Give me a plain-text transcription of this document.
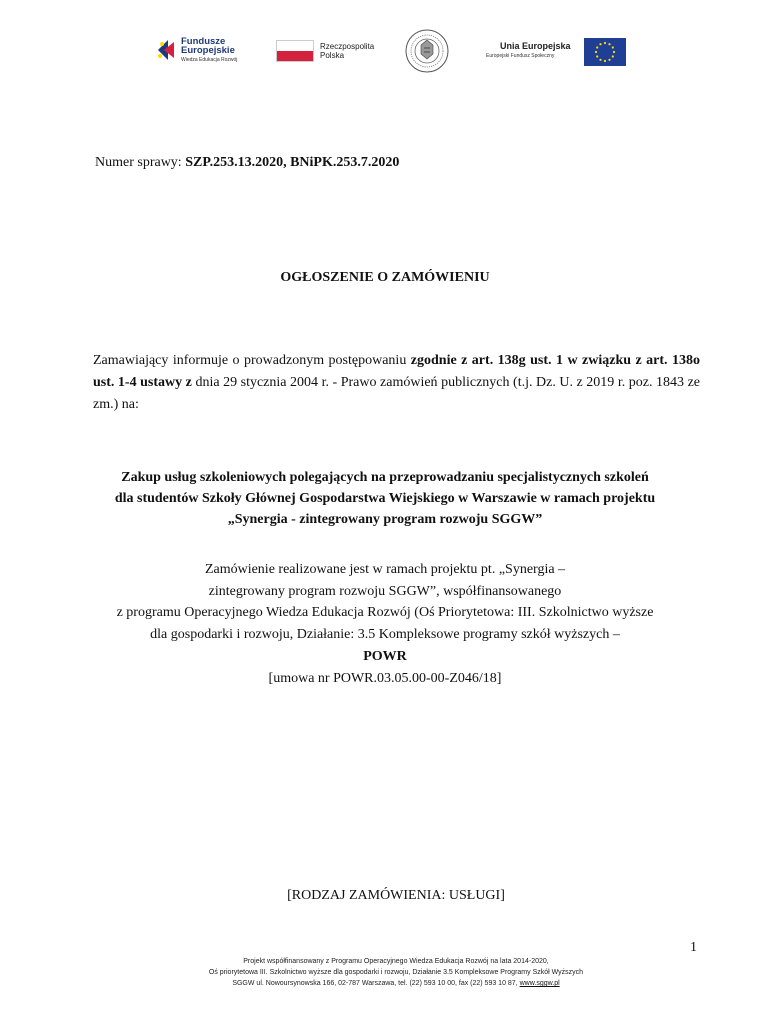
Fundusze
Europejskie
Wiedza Edukacja Rozwój
Rzeczpospolita
Polska
Unia Europejska
Europejski Fundusz Społeczny
Numer sprawy: SZP.253.13.2020, BNiPK.253.7.2020
OGŁOSZENIE O ZAMÓWIENIU
Zamawiający informuje o prowadzonym postępowaniu zgodnie z art. 138g ust. 1 w związku z art. 138o ust. 1-4 ustawy z dnia 29 stycznia 2004 r. - Prawo zamówień publicznych (t.j. Dz. U. z 2019 r. poz. 1843 ze zm.) na:
Zakup usług szkoleniowych polegających na przeprowadzaniu specjalistycznych szkoleń
dla studentów Szkoły Głównej Gospodarstwa Wiejskiego w Warszawie w ramach projektu
„Synergia - zintegrowany program rozwoju SGGW”
Zamówienie realizowane jest w ramach projektu pt. „Synergia –
zintegrowany program rozwoju SGGW”, współfinansowanego
z programu Operacyjnego Wiedza Edukacja Rozwój (Oś Priorytetowa: III. Szkolnictwo wyższe
dla gospodarki i rozwoju, Działanie: 3.5 Kompleksowe programy szkół wyższych –
POWR
[umowa nr POWR.03.05.00-00-Z046/18]
[RODZAJ ZAMÓWIENIA: USŁUGI]
1
Projekt współfinansowany z Programu Operacyjnego Wiedza Edukacja Rozwój na lata 2014-2020,
Oś priorytetowa III. Szkolnictwo wyższe dla gospodarki i rozwoju, Działanie 3.5 Kompleksowe Programy Szkół Wyższych
SGGW ul. Nowoursynowska 166, 02-787 Warszawa, tel. (22) 593 10 00, fax (22) 593 10 87, www.sggw.pl
